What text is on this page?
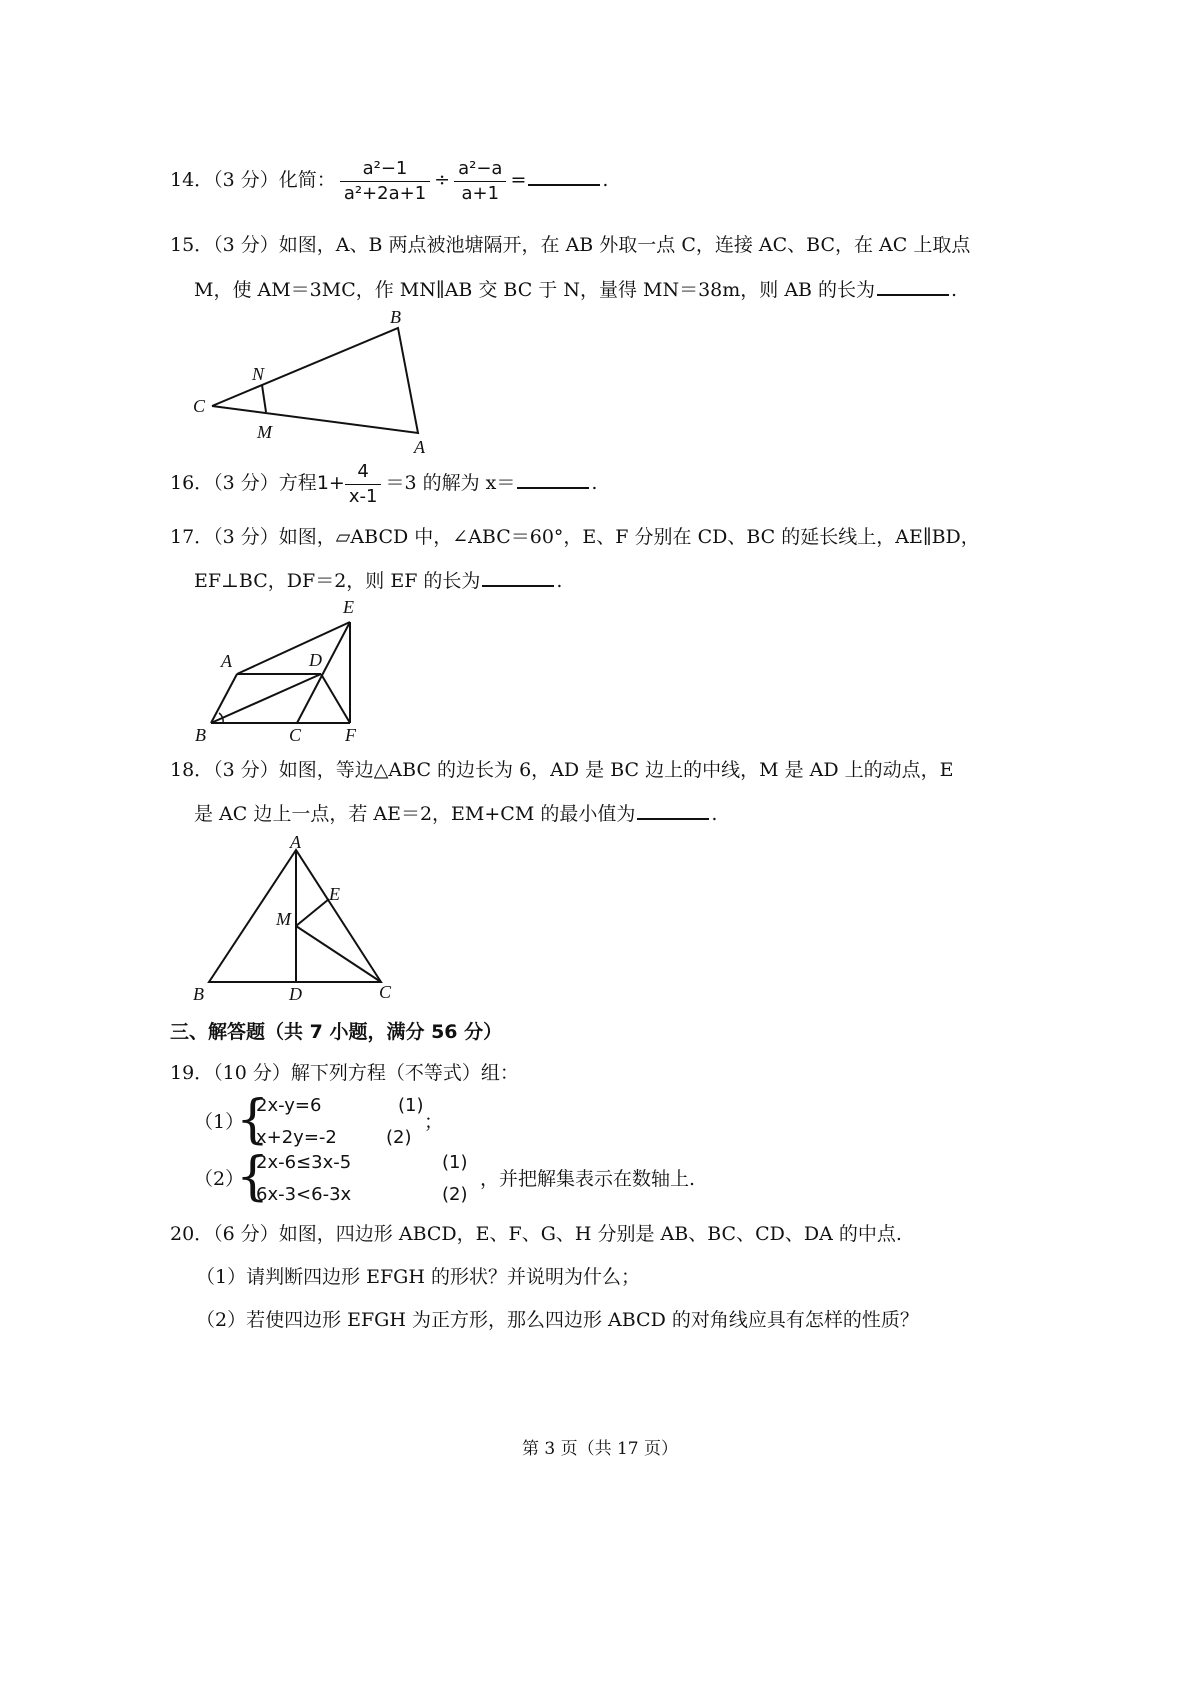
14．（3 分）化简： $\frac{\text{a²−1}}{\text{a²+2a+1}} \div \frac{\text{a²−a}}{a+1}$ =	.
15．（3 分）如图，A、B 两点被池塘隔开，在 AB 外取一点 C，连接 AC、BC，在 AC 上取点
M，使 AM＝3MC，作 MN∥AB 交 BC 于 N，量得 MN＝38m，则 AB 的长为	.
B
N
C
M
A
16．（3 分）方程$1+ \frac{4}{x-1} =3$ 的解为 x＝	.
17．（3 分）如图，▱ABCD 中，∠ABC＝60°，E、F 分别在 CD、BC 的延长线上，AE∥BD，
EF⊥BC，DF＝2，则 EF 的长为	.
E
A	D
B	C F
18．（3 分）如图，等边△ABC 的边长为 6，AD 是 BC 边上的中线，M 是 AD 上的动点，E
是 AC 边上一点，若 AE＝2，EM+CM 的最小值为	.
A
E
M
B	D	C
三、解答题（共 7 小题，满分 56 分）
19．（10 分）解下列方程（不等式）组：
（1）
{
2x-y=6	(1)
x+2y=-2	(2)
；
（2）
{
2x-6≤3x-5	(1)
6x-3<6-3x	(2)
，并把解集表示在数轴上.
20．（6 分）如图，四边形 ABCD，E、F、G、H 分别是 AB、BC、CD、DA 的中点.
（1）请判断四边形 EFGH 的形状？并说明为什么；
（2）若使四边形 EFGH 为正方形，那么四边形 ABCD 的对角线应具有怎样的性质？
第 3 页（共 17 页）
